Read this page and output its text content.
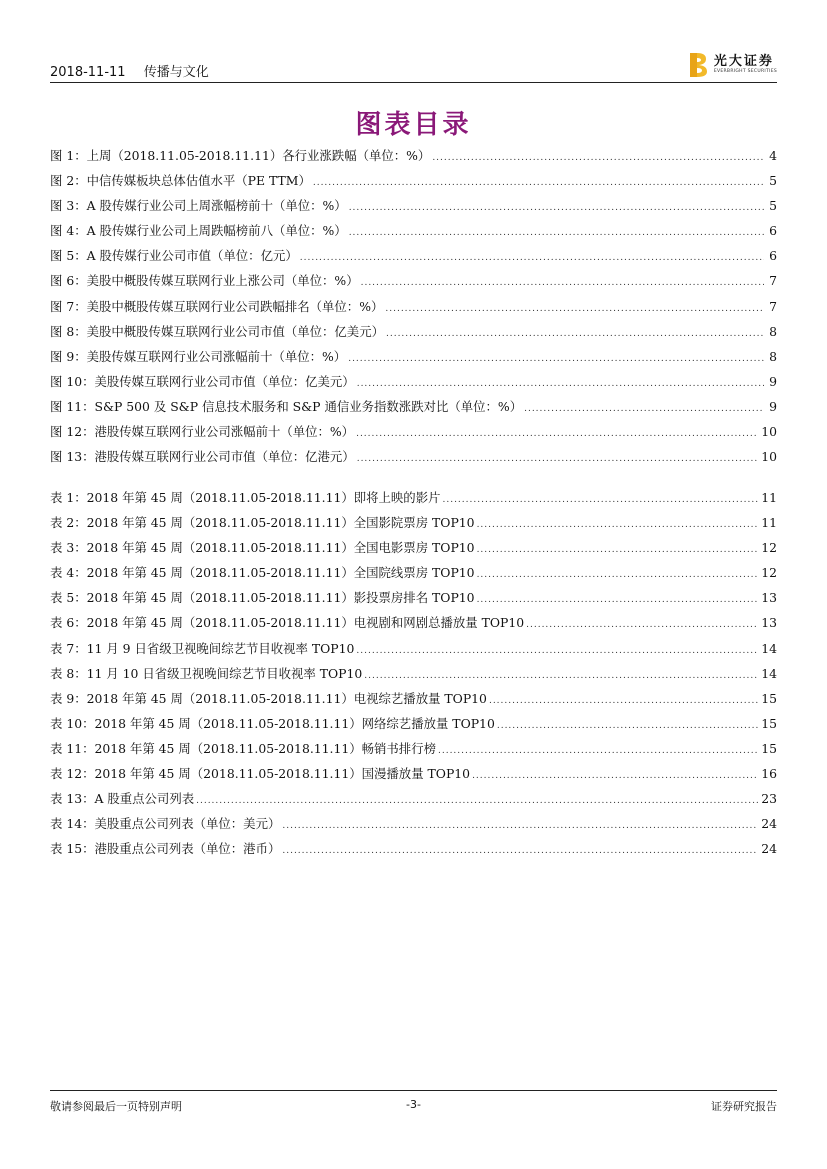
2018-11-11 传播与文化
光大证券
EVERBRIGHT SECURITIES
图表目录
图 1：上周（2018.11.05-2018.11.11）各行业涨跌幅（单位：%） .....	4
图 2：中信传媒板块总体估值水平（PE TTM） .....	5
图 3：A 股传媒行业公司上周涨幅榜前十（单位：%） .....	5
图 4：A 股传媒行业公司上周跌幅榜前八（单位：%） .....	6
图 5：A 股传媒行业公司市值（单位：亿元） .....	6
图 6：美股中概股传媒互联网行业上涨公司（单位：%） .....	7
图 7：美股中概股传媒互联网行业公司跌幅排名（单位：%） .....	7
图 8：美股中概股传媒互联网行业公司市值（单位：亿美元） .....	8
图 9：美股传媒互联网行业公司涨幅前十（单位：%） .....	8
图 10：美股传媒互联网行业公司市值（单位：亿美元） .....	9
图 11：S&P 500 及 S&P 信息技术服务和 S&P 通信业务指数涨跌对比（单位：%） .....	9
图 12：港股传媒互联网行业公司涨幅前十（单位：%） .....	10
图 13：港股传媒互联网行业公司市值（单位：亿港元） .....	10
表 1：2018 年第 45 周（2018.11.05-2018.11.11）即将上映的影片 .....	11
表 2：2018 年第 45 周（2018.11.05-2018.11.11）全国影院票房 TOP10 .....	11
表 3：2018 年第 45 周（2018.11.05-2018.11.11）全国电影票房 TOP10 .....	12
表 4：2018 年第 45 周（2018.11.05-2018.11.11）全国院线票房 TOP10 .....	12
表 5：2018 年第 45 周（2018.11.05-2018.11.11）影投票房排名 TOP10 .....	13
表 6：2018 年第 45 周（2018.11.05-2018.11.11）电视剧和网剧总播放量 TOP10 .....	13
表 7：11 月 9 日省级卫视晚间综艺节目收视率 TOP10 .....	14
表 8：11 月 10 日省级卫视晚间综艺节目收视率 TOP10 .....	14
表 9：2018 年第 45 周（2018.11.05-2018.11.11）电视综艺播放量 TOP10 .....	15
表 10：2018 年第 45 周（2018.11.05-2018.11.11）网络综艺播放量 TOP10 .....	15
表 11：2018 年第 45 周（2018.11.05-2018.11.11）畅销书排行榜 .....	15
表 12：2018 年第 45 周（2018.11.05-2018.11.11）国漫播放量 TOP10 .....	16
表 13：A 股重点公司列表 .....	23
表 14：美股重点公司列表（单位：美元） .....	24
表 15：港股重点公司列表（单位：港币） .....	24
敬请参阅最后一页特别声明	-3-	证券研究报告
